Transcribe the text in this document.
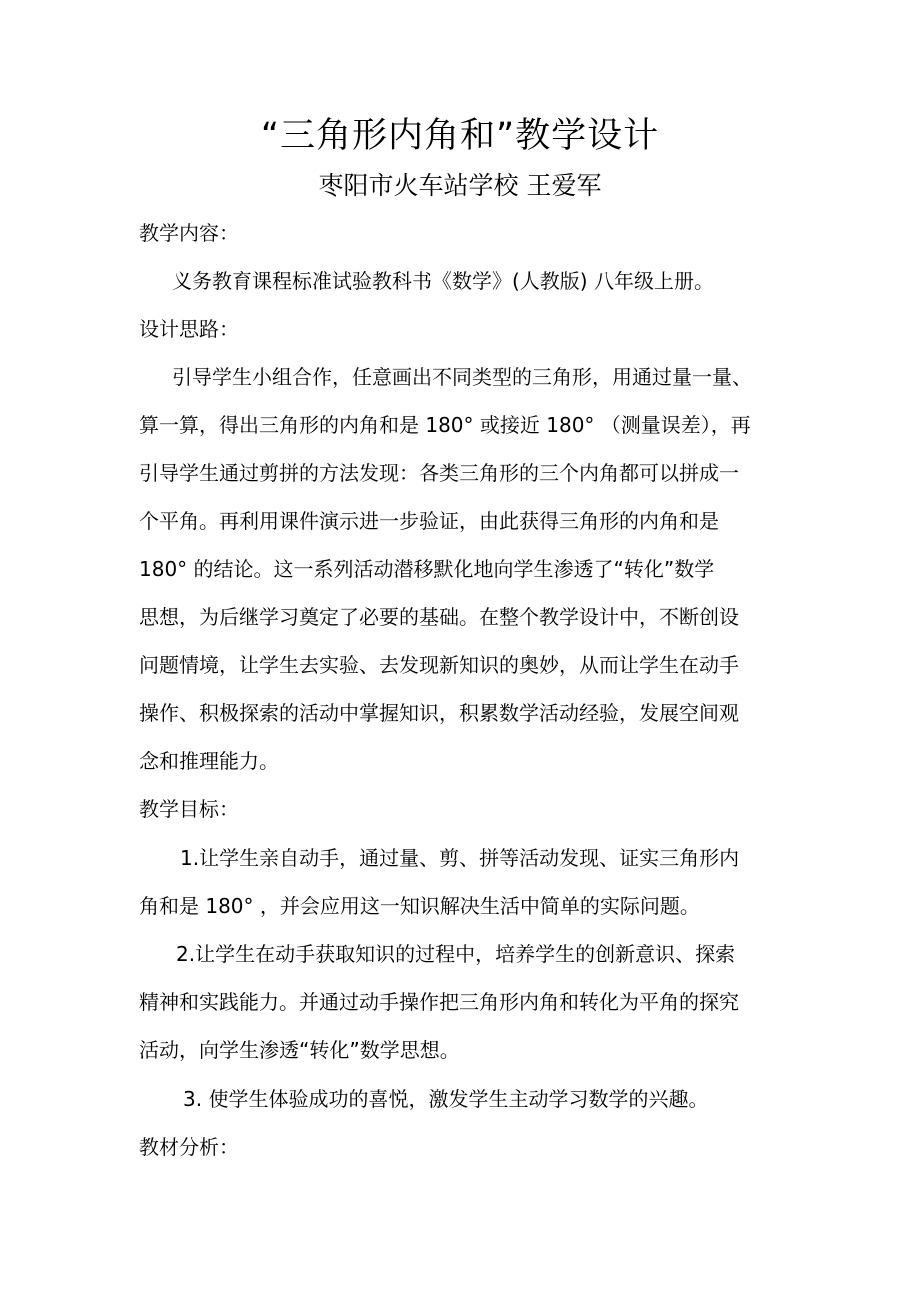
“三角形内角和”教学设计
枣阳市火车站学校 王爱军
教学内容：
义务教育课程标准试验教科书《数学》(人教版) 八年级上册。
设计思路：
引导学生小组合作，任意画出不同类型的三角形，用通过量一量、
算一算，得出三角形的内角和是 180° 或接近 180° （测量误差），再
引导学生通过剪拼的方法发现：各类三角形的三个内角都可以拼成一
个平角。再利用课件演示进一步验证，由此获得三角形的内角和是
180° 的结论。这一系列活动潜移默化地向学生渗透了“转化”数学
思想，为后继学习奠定了必要的基础。在整个教学设计中，不断创设
问题情境，让学生去实验、去发现新知识的奥妙，从而让学生在动手
操作、积极探索的活动中掌握知识，积累数学活动经验，发展空间观
念和推理能力。
教学目标：
1.让学生亲自动手，通过量、剪、拼等活动发现、证实三角形内
角和是 180° ，并会应用这一知识解决生活中简单的实际问题。
2.让学生在动手获取知识的过程中，培养学生的创新意识、探索
精神和实践能力。并通过动手操作把三角形内角和转化为平角的探究
活动，向学生渗透“转化”数学思想。
3. 使学生体验成功的喜悦，激发学生主动学习数学的兴趣。
教材分析：
